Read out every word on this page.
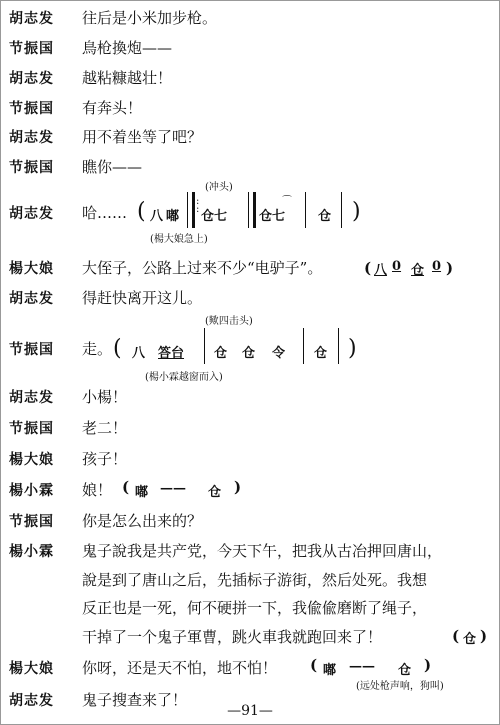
胡志发 往后是小米加步枪。
节振国 鳥枪換炮——
胡志发 越粘糠越壮！
节振国 有奔头！
胡志发 用不着坐等了吧？
节振国 瞧你——
胡志发 哈……
(冲头)
( 八 嘟
:
: 仓七 仓七
⌒
仓 )
(楊大娘急上)
楊大娘 大侄子，公路上过来不少“电驴子”。	( 八 0 仓 0 )
胡志发 得赶快离开这儿。
节振国 走。
(歟四击头)
( 八 答台 仓 仓 令 仓 )
(楊小霖越窗而入)
胡志发 小楊！
节振国 老二！
楊大娘 孩子！
楊小霖 娘！ ( 嘟 —— 仓 )
节振国 你是怎么出来的？
楊小霖 鬼子說我是共产党，今天下午，把我从古冶押回唐山，
說是到了唐山之后，先插标子游街，然后处死。我想
反正也是一死，何不硬拼一下，我偸偸磨断了绳子，
干掉了一个鬼子軍曹，跳火車我就跑回来了！	( 仓 )
楊大娘 你呀，还是天不怕，地不怕！ ( 嘟 —— 仓 )
(远处枪声响，狗叫)
胡志发 鬼子搜查来了！
—91—
